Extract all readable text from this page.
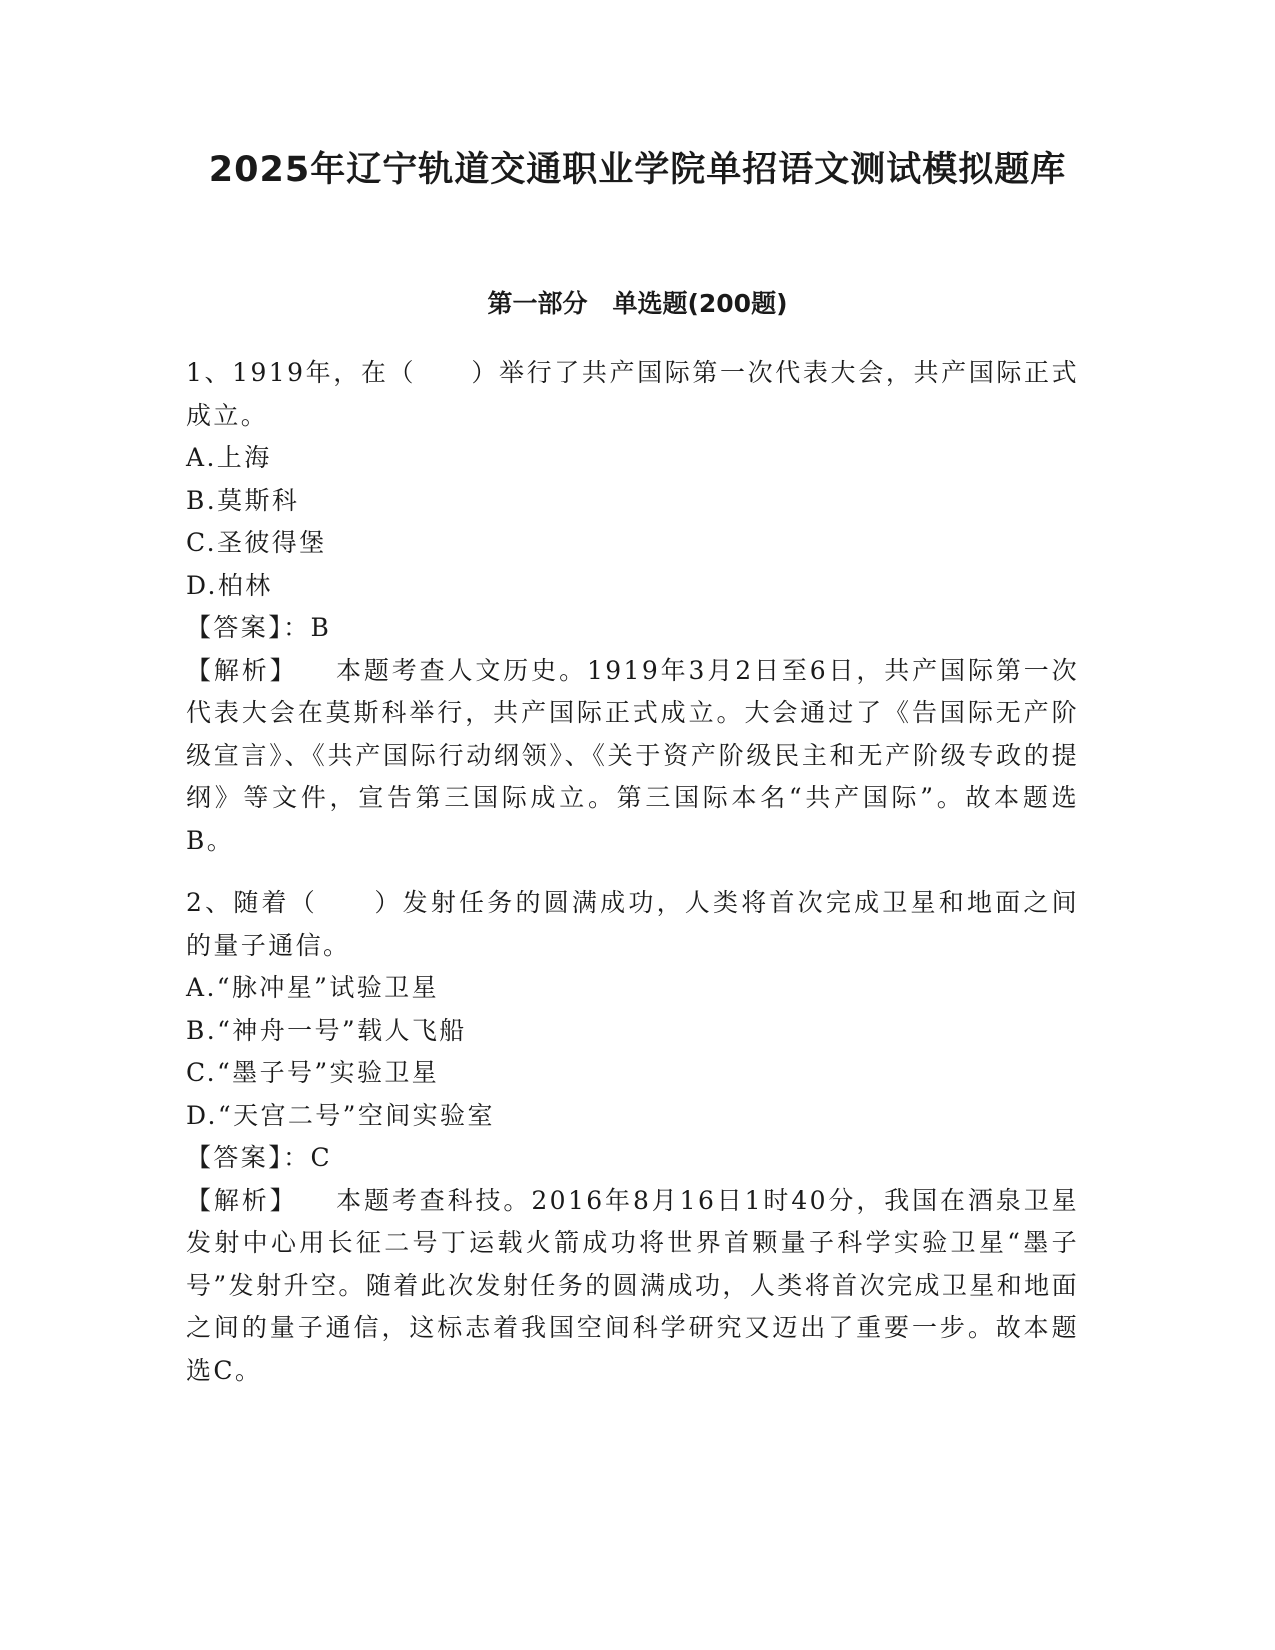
2025年辽宁轨道交通职业学院单招语文测试模拟题库
第一部分　单选题(200题)

1、1919年，在（　　）举行了共产国际第一次代表大会，共产国际正式成立。

A.上海

B.莫斯科

C.圣彼得堡

D.柏林

【答案】：B

【解析】 本题考查人文历史。1919年3月2日至6日，共产国际第一次代表大会在莫斯科举行，共产国际正式成立。大会通过了《告国际无产阶级宣言》、《共产国际行动纲领》、《关于资产阶级民主和无产阶级专政的提纲》等文件，宣告第三国际成立。第三国际本名“共产国际”。故本题选B。

2、随着（　　）发射任务的圆满成功，人类将首次完成卫星和地面之间的量子通信。

A.“脉冲星”试验卫星

B.“神舟一号”载人飞船

C.“墨子号”实验卫星

D.“天宫二号”空间实验室

【答案】：C

【解析】 本题考查科技。2016年8月16日1时40分，我国在酒泉卫星发射中心用长征二号丁运载火箭成功将世界首颗量子科学实验卫星“墨子号”发射升空。随着此次发射任务的圆满成功，人类将首次完成卫星和地面之间的量子通信，这标志着我国空间科学研究又迈出了重要一步。故本题选C。
